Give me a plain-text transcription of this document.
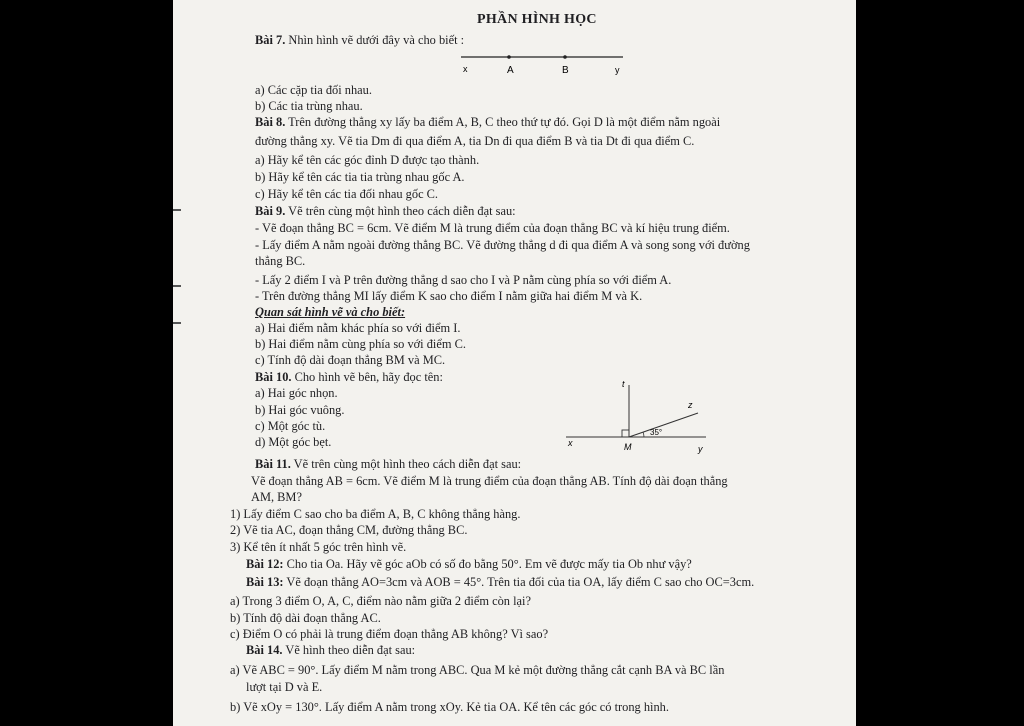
PHẦN HÌNH HỌC
Bài 7. Nhìn hình vẽ dưới đây và cho biết :
x	A	B	y
a) Các cặp tia đối nhau.
b) Các tia trùng nhau.
Bài 8. Trên đường thẳng xy lấy ba điểm A, B, C theo thứ tự đó. Gọi D là một điểm nằm ngoài
đường thẳng xy. Vẽ tia Dm đi qua điểm A, tia Dn đi qua điểm B và tia Dt đi qua điểm C.
a) Hãy kể tên các góc đỉnh D được tạo thành.
b) Hãy kể tên các tia tia trùng nhau gốc A.
c) Hãy kể tên các tia đối nhau gốc C.
Bài 9. Vẽ trên cùng một hình theo cách diễn đạt sau:
- Vẽ đoạn thẳng BC = 6cm. Vẽ điểm M là trung điểm của đoạn thẳng BC và kí hiệu trung điểm.
- Lấy điểm A nằm ngoài đường thẳng BC. Vẽ đường thẳng d đi qua điểm A và song song với đường
thẳng BC.
- Lấy 2 điểm I và P trên đường thẳng d sao cho I và P nằm cùng phía so với điểm A.
- Trên đường thẳng MI lấy điểm K sao cho điểm I nằm giữa hai điểm M và K.
Quan sát hình vẽ và cho biết:
a) Hai điểm nằm khác phía so với điểm I.
b) Hai điểm nằm cùng phía so với điểm C.
c) Tính độ dài đoạn thẳng BM và MC.
Bài 10. Cho hình vẽ bên, hãy đọc tên:
a) Hai góc nhọn.
b) Hai góc vuông.
c) Một góc tù.
d) Một góc bẹt.
t
z
35°
x	M	y
Bài 11. Vẽ trên cùng một hình theo cách diễn đạt sau:
Vẽ đoạn thẳng AB = 6cm. Vẽ điểm M là trung điểm của đoạn thẳng AB. Tính độ dài đoạn thẳng
AM, BM?
1) Lấy điểm C sao cho ba điểm A, B, C không thẳng hàng.
2) Vẽ tia AC, đoạn thẳng CM, đường thẳng BC.
3) Kể tên ít nhất 5 góc trên hình vẽ.
Bài 12: Cho tia Oa. Hãy vẽ góc aOb có số đo bằng 50°. Em vẽ được mấy tia Ob như vậy?
Bài 13: Vẽ đoạn thẳng AO=3cm và AOB = 45°. Trên tia đối của tia OA, lấy điểm C sao cho OC=3cm.
a) Trong 3 điểm O, A, C, điểm nào nằm giữa 2 điểm còn lại?
b) Tính độ dài đoạn thẳng AC.
c) Điểm O có phải là trung điểm đoạn thẳng AB không? Vì sao?
Bài 14. Vẽ hình theo diễn đạt sau:
a) Vẽ ABC = 90°. Lấy điểm M nằm trong ABC. Qua M kẻ một đường thẳng cắt cạnh BA và BC lần
lượt tại D và E.
b) Vẽ xOy = 130°. Lấy điểm A nằm trong xOy. Kẻ tia OA. Kể tên các góc có trong hình.
